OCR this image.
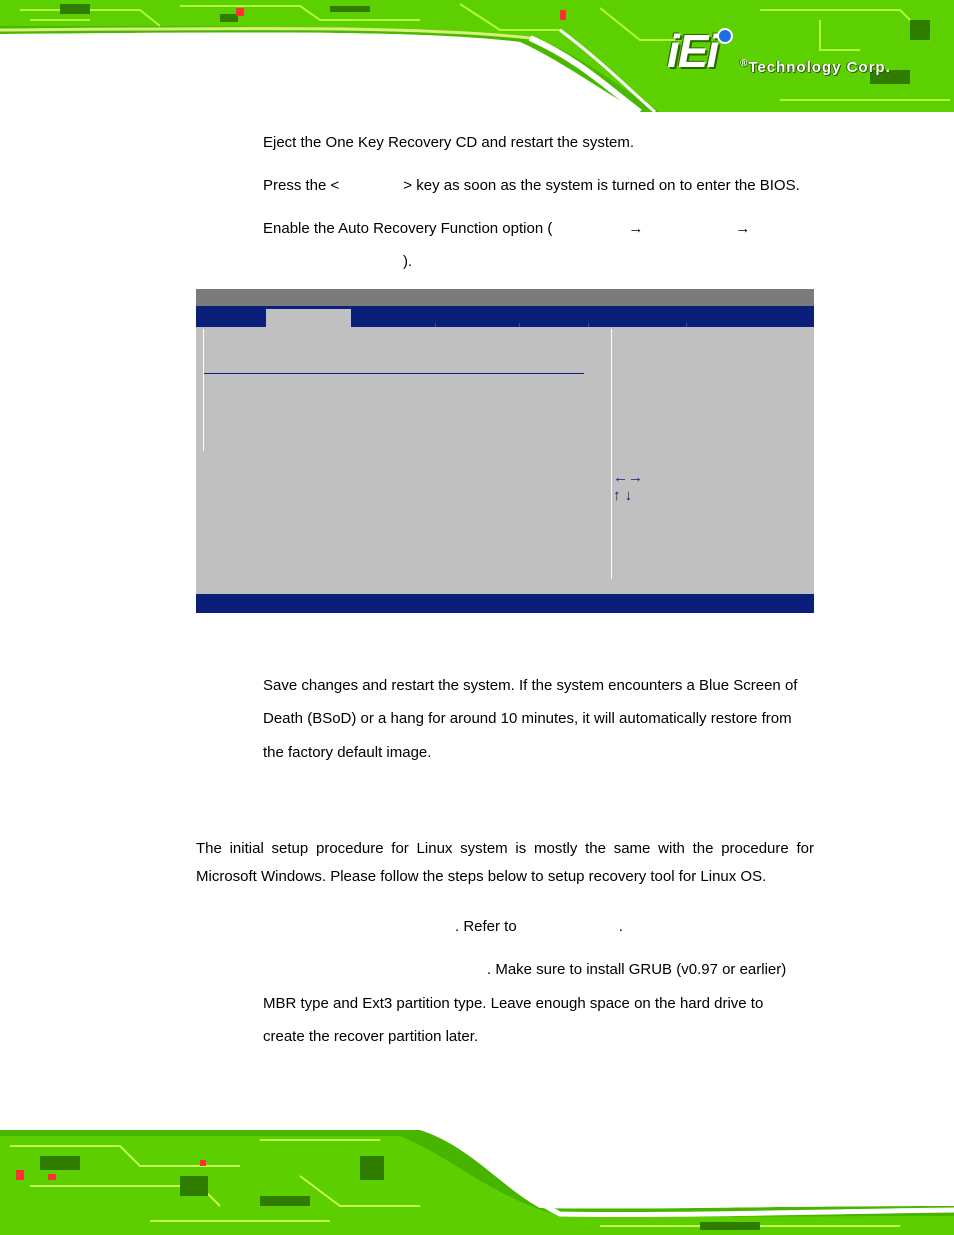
iEi ®Technology Corp.
Eject the One Key Recovery CD and restart the system.
Press the <	> key as soon as the system is turned on to enter the BIOS.
Enable the Auto Recovery Function option (	→	→
).
←→
↑ ↓
Save changes and restart the system. If the system encounters a Blue Screen of
Death (BSoD) or a hang for around 10 minutes, it will automatically restore from
the factory default image.
The initial setup procedure for Linux system is mostly the same with the procedure for
Microsoft Windows. Please follow the steps below to setup recovery tool for Linux OS.
. Refer to	.
. Make sure to install GRUB (v0.97 or earlier)
MBR type and Ext3 partition type. Leave enough space on the hard drive to
create the recover partition later.
